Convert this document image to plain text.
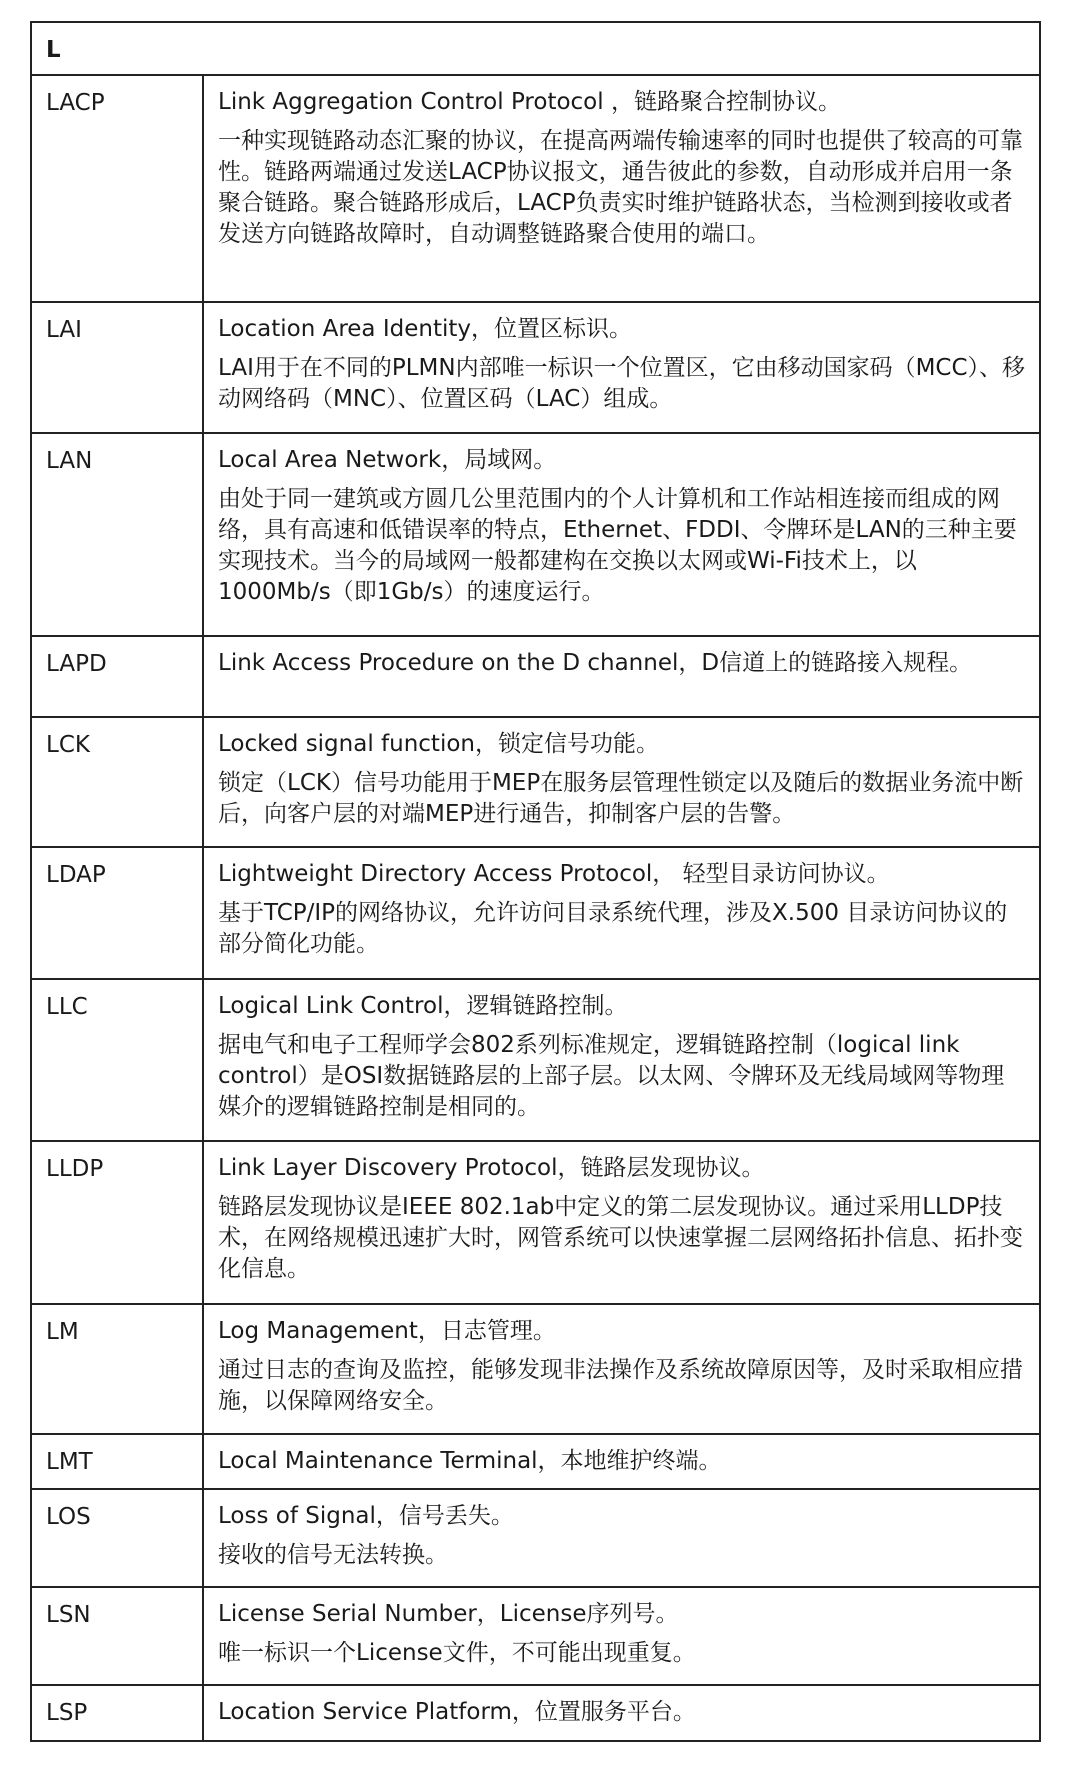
L	
LACP	Link Aggregation Control Protocol ，链路聚合控制协议。

一种实现链路动态汇聚的协议，在提高两端传输速率的同时也提供了较高的可靠性。链路两端通过发送LACP协议报文，通告彼此的参数，自动形成并启用一条聚合链路。聚合链路形成后，LACP负责实时维护链路状态，当检测到接收或者发送方向链路故障时，自动调整链路聚合使用的端口。

LAI	Location Area Identity，位置区标识。

LAI用于在不同的PLMN内部唯一标识一个位置区，它由移动国家码（MCC）、移动网络码（MNC）、位置区码（LAC）组成。

LAN	Local Area Network，局域网。

由处于同一建筑或方圆几公里范围内的个人计算机和工作站相连接而组成的网络，具有高速和低错误率的特点，Ethernet、FDDI、令牌环是LAN的三种主要实现技术。当今的局域网一般都建构在交换以太网或Wi-Fi技术上，以1000Mb/s（即1Gb/s）的速度运行。

LAPD	Link Access Procedure on the D channel，D信道上的链路接入规程。

LCK	Locked signal function，锁定信号功能。

锁定（LCK）信号功能用于MEP在服务层管理性锁定以及随后的数据业务流中断后，向客户层的对端MEP进行通告，抑制客户层的告警。

LDAP	Lightweight Directory Access Protocol， 轻型目录访问协议。

基于TCP/IP的网络协议，允许访问目录系统代理，涉及X.500 目录访问协议的部分简化功能。

LLC	Logical Link Control，逻辑链路控制。

据电气和电子工程师学会802系列标准规定，逻辑链路控制（logical link control）是OSI数据链路层的上部子层。以太网、令牌环及无线局域网等物理媒介的逻辑链路控制是相同的。

LLDP	Link Layer Discovery Protocol，链路层发现协议。

链路层发现协议是IEEE 802.1ab中定义的第二层发现协议。通过采用LLDP技术，在网络规模迅速扩大时，网管系统可以快速掌握二层网络拓扑信息、拓扑变化信息。

LM	Log Management，日志管理。

通过日志的查询及监控，能够发现非法操作及系统故障原因等，及时采取相应措施，以保障网络安全。

LMT	Local Maintenance Terminal，本地维护终端。

LOS	Loss of Signal，信号丢失。

接收的信号无法转换。

LSN	License Serial Number，License序列号。

唯一标识一个License文件，不可能出现重复。

LSP	Location Service Platform，位置服务平台。
